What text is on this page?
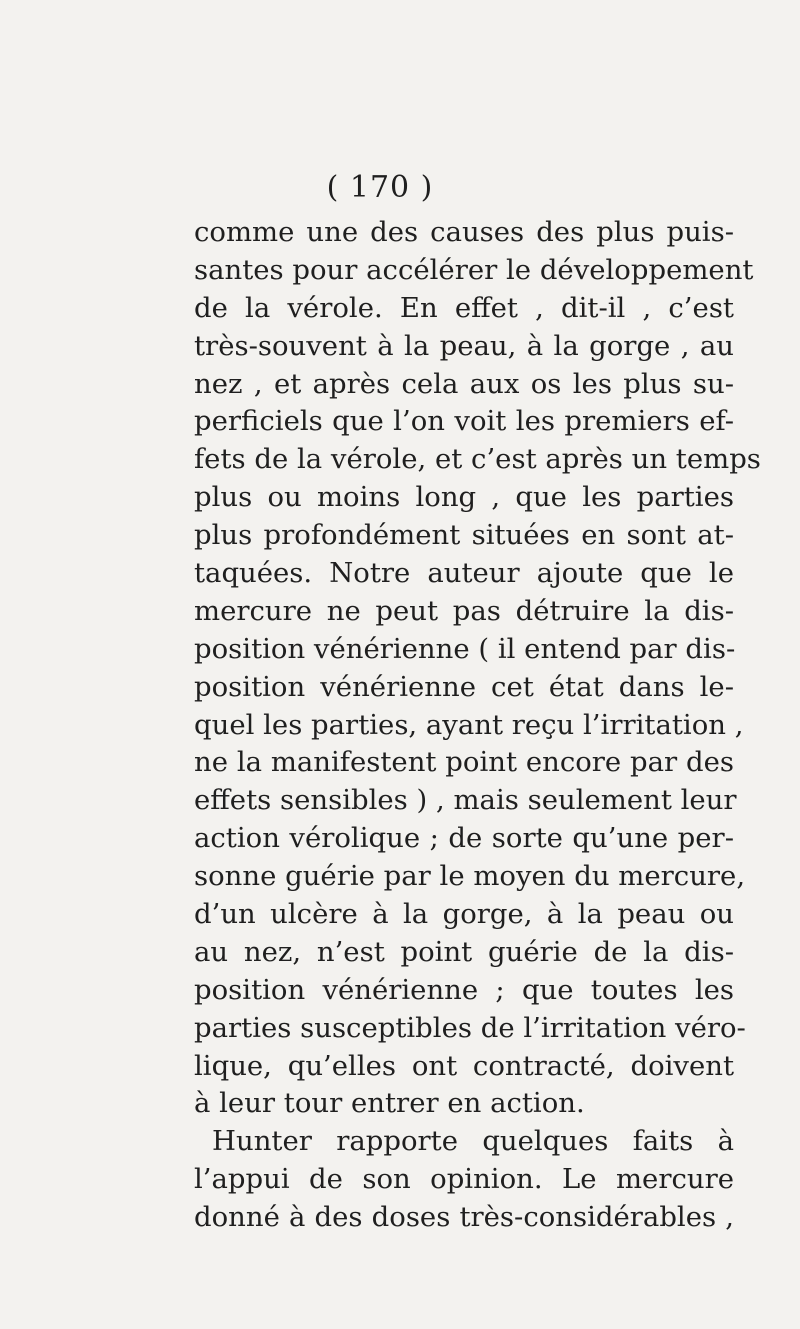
( 170 )
comme une des causes des plus puis-
santes pour accélérer le développement
de la vérole. En effet , dit-il , c’est
très-souvent à la peau, à la gorge , au
nez , et après cela aux os les plus su-
perficiels que l’on voit les premiers ef-
fets de la vérole, et c’est après un temps
plus ou moins long , que les parties
plus profondément situées en sont at-
taquées. Notre auteur ajoute que le
mercure ne peut pas détruire la dis-
position vénérienne ( il entend par dis-
position vénérienne cet état dans le-
quel les parties, ayant reçu l’irritation ,
ne la manifestent point encore par des
effets sensibles ) , mais seulement leur
action vérolique ; de sorte qu’une per-
sonne guérie par le moyen du mercure,
d’un ulcère à la gorge, à la peau ou
au nez, n’est point guérie de la dis-
position vénérienne ; que toutes les
parties susceptibles de l’irritation véro-
lique, qu’elles ont contracté, doivent
à leur tour entrer en action.
Hunter rapporte quelques faits à
l’appui de son opinion. Le mercure
donné à des doses très-considérables ,
